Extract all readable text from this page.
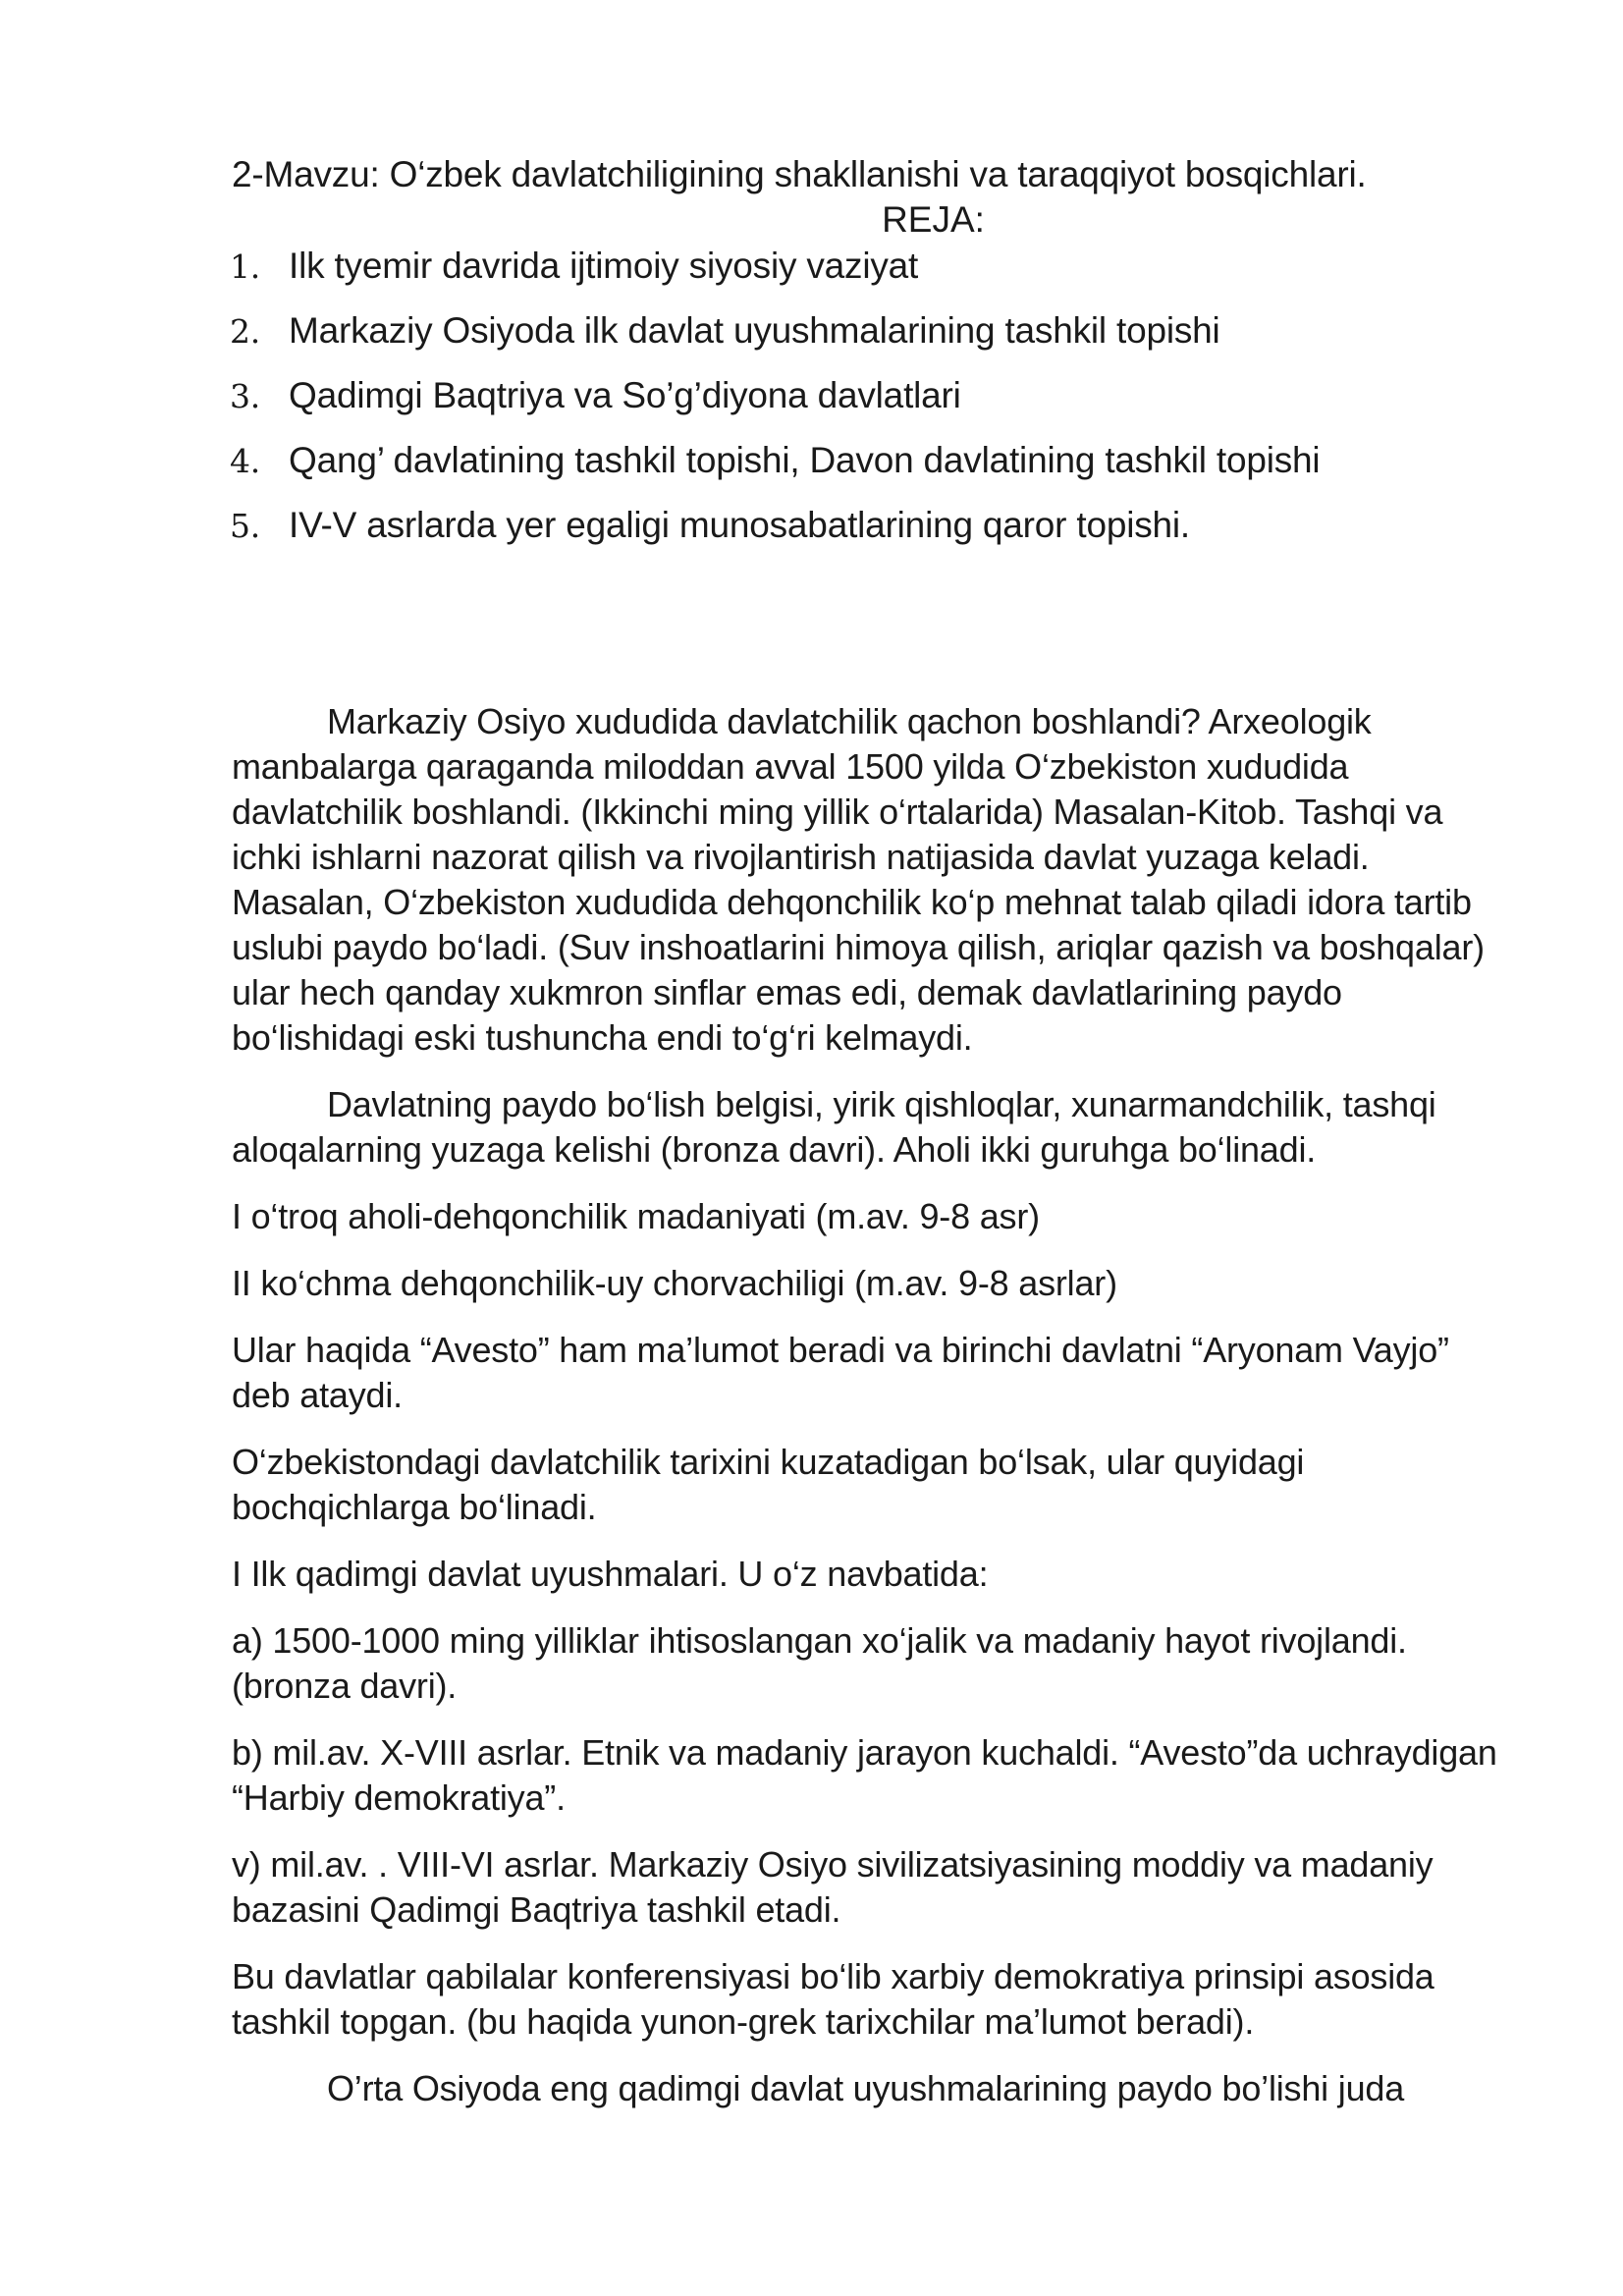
2-Mavzu: O‘zbek davlatchiligining shakllanishi va taraqqiyot bosqichlari.
REJA:
1. Ilk tyemir davrida ijtimoiy siyosiy vaziyat
2. Markaziy Osiyoda ilk davlat uyushmalarining tashkil topishi
3. Qadimgi Baqtriya va So’g’diyona davlatlari
4. Qang’ davlatining tashkil topishi, Davon davlatining tashkil topishi
5. IV-V asrlarda yer egaligi munosabatlarining qaror topishi.

Markaziy Osiyo xududida davlatchilik qachon boshlandi? Arxeologik manbalarga qaraganda miloddan avval 1500 yilda O‘zbekiston xududida davlatchilik boshlandi. (Ikkinchi ming yillik o‘rtalarida) Masalan-Kitob. Tashqi va ichki ishlarni nazorat qilish va rivojlantirish natijasida davlat yuzaga keladi. Masalan, O‘zbekiston xududida dehqonchilik ko‘p mehnat talab qiladi idora tartib uslubi paydo bo‘ladi. (Suv inshoatlarini himoya qilish, ariqlar qazish va boshqalar) ular hech qanday xukmron sinflar emas edi, demak davlatlarining paydo bo‘lishidagi eski tushuncha endi to‘g‘ri kelmaydi.

Davlatning paydo bo‘lish belgisi, yirik qishloqlar, xunarmandchilik, tashqi aloqalarning yuzaga kelishi (bronza davri). Aholi ikki guruhga bo‘linadi.

I o‘troq aholi-dehqonchilik madaniyati (m.av. 9-8 asr)

II ko‘chma dehqonchilik-uy chorvachiligi (m.av. 9-8 asrlar)

Ular haqida “Avesto” ham ma’lumot beradi va birinchi davlatni “Aryonam Vayjo” deb ataydi.

O‘zbekistondagi davlatchilik tarixini kuzatadigan bo‘lsak, ular quyidagi bochqichlarga bo‘linadi.

I Ilk qadimgi davlat uyushmalari. U o‘z navbatida:

a) 1500-1000 ming yilliklar ihtisoslangan xo‘jalik va madaniy hayot rivojlandi. (bronza davri).

b) mil.av. X-VIII asrlar. Etnik va madaniy jarayon kuchaldi. “Avesto”da uchraydigan “Harbiy demokratiya”.

v) mil.av. . VIII-VI asrlar. Markaziy Osiyo sivilizatsiyasining moddiy va madaniy bazasini Qadimgi Baqtriya tashkil etadi.

Bu davlatlar qabilalar konferensiyasi bo‘lib xarbiy demokratiya prinsipi asosida tashkil topgan. (bu haqida yunon-grek tarixchilar ma’lumot beradi).

O’rta Osiyoda eng qadimgi davlat uyushmalarining paydo bo’lishi juda
